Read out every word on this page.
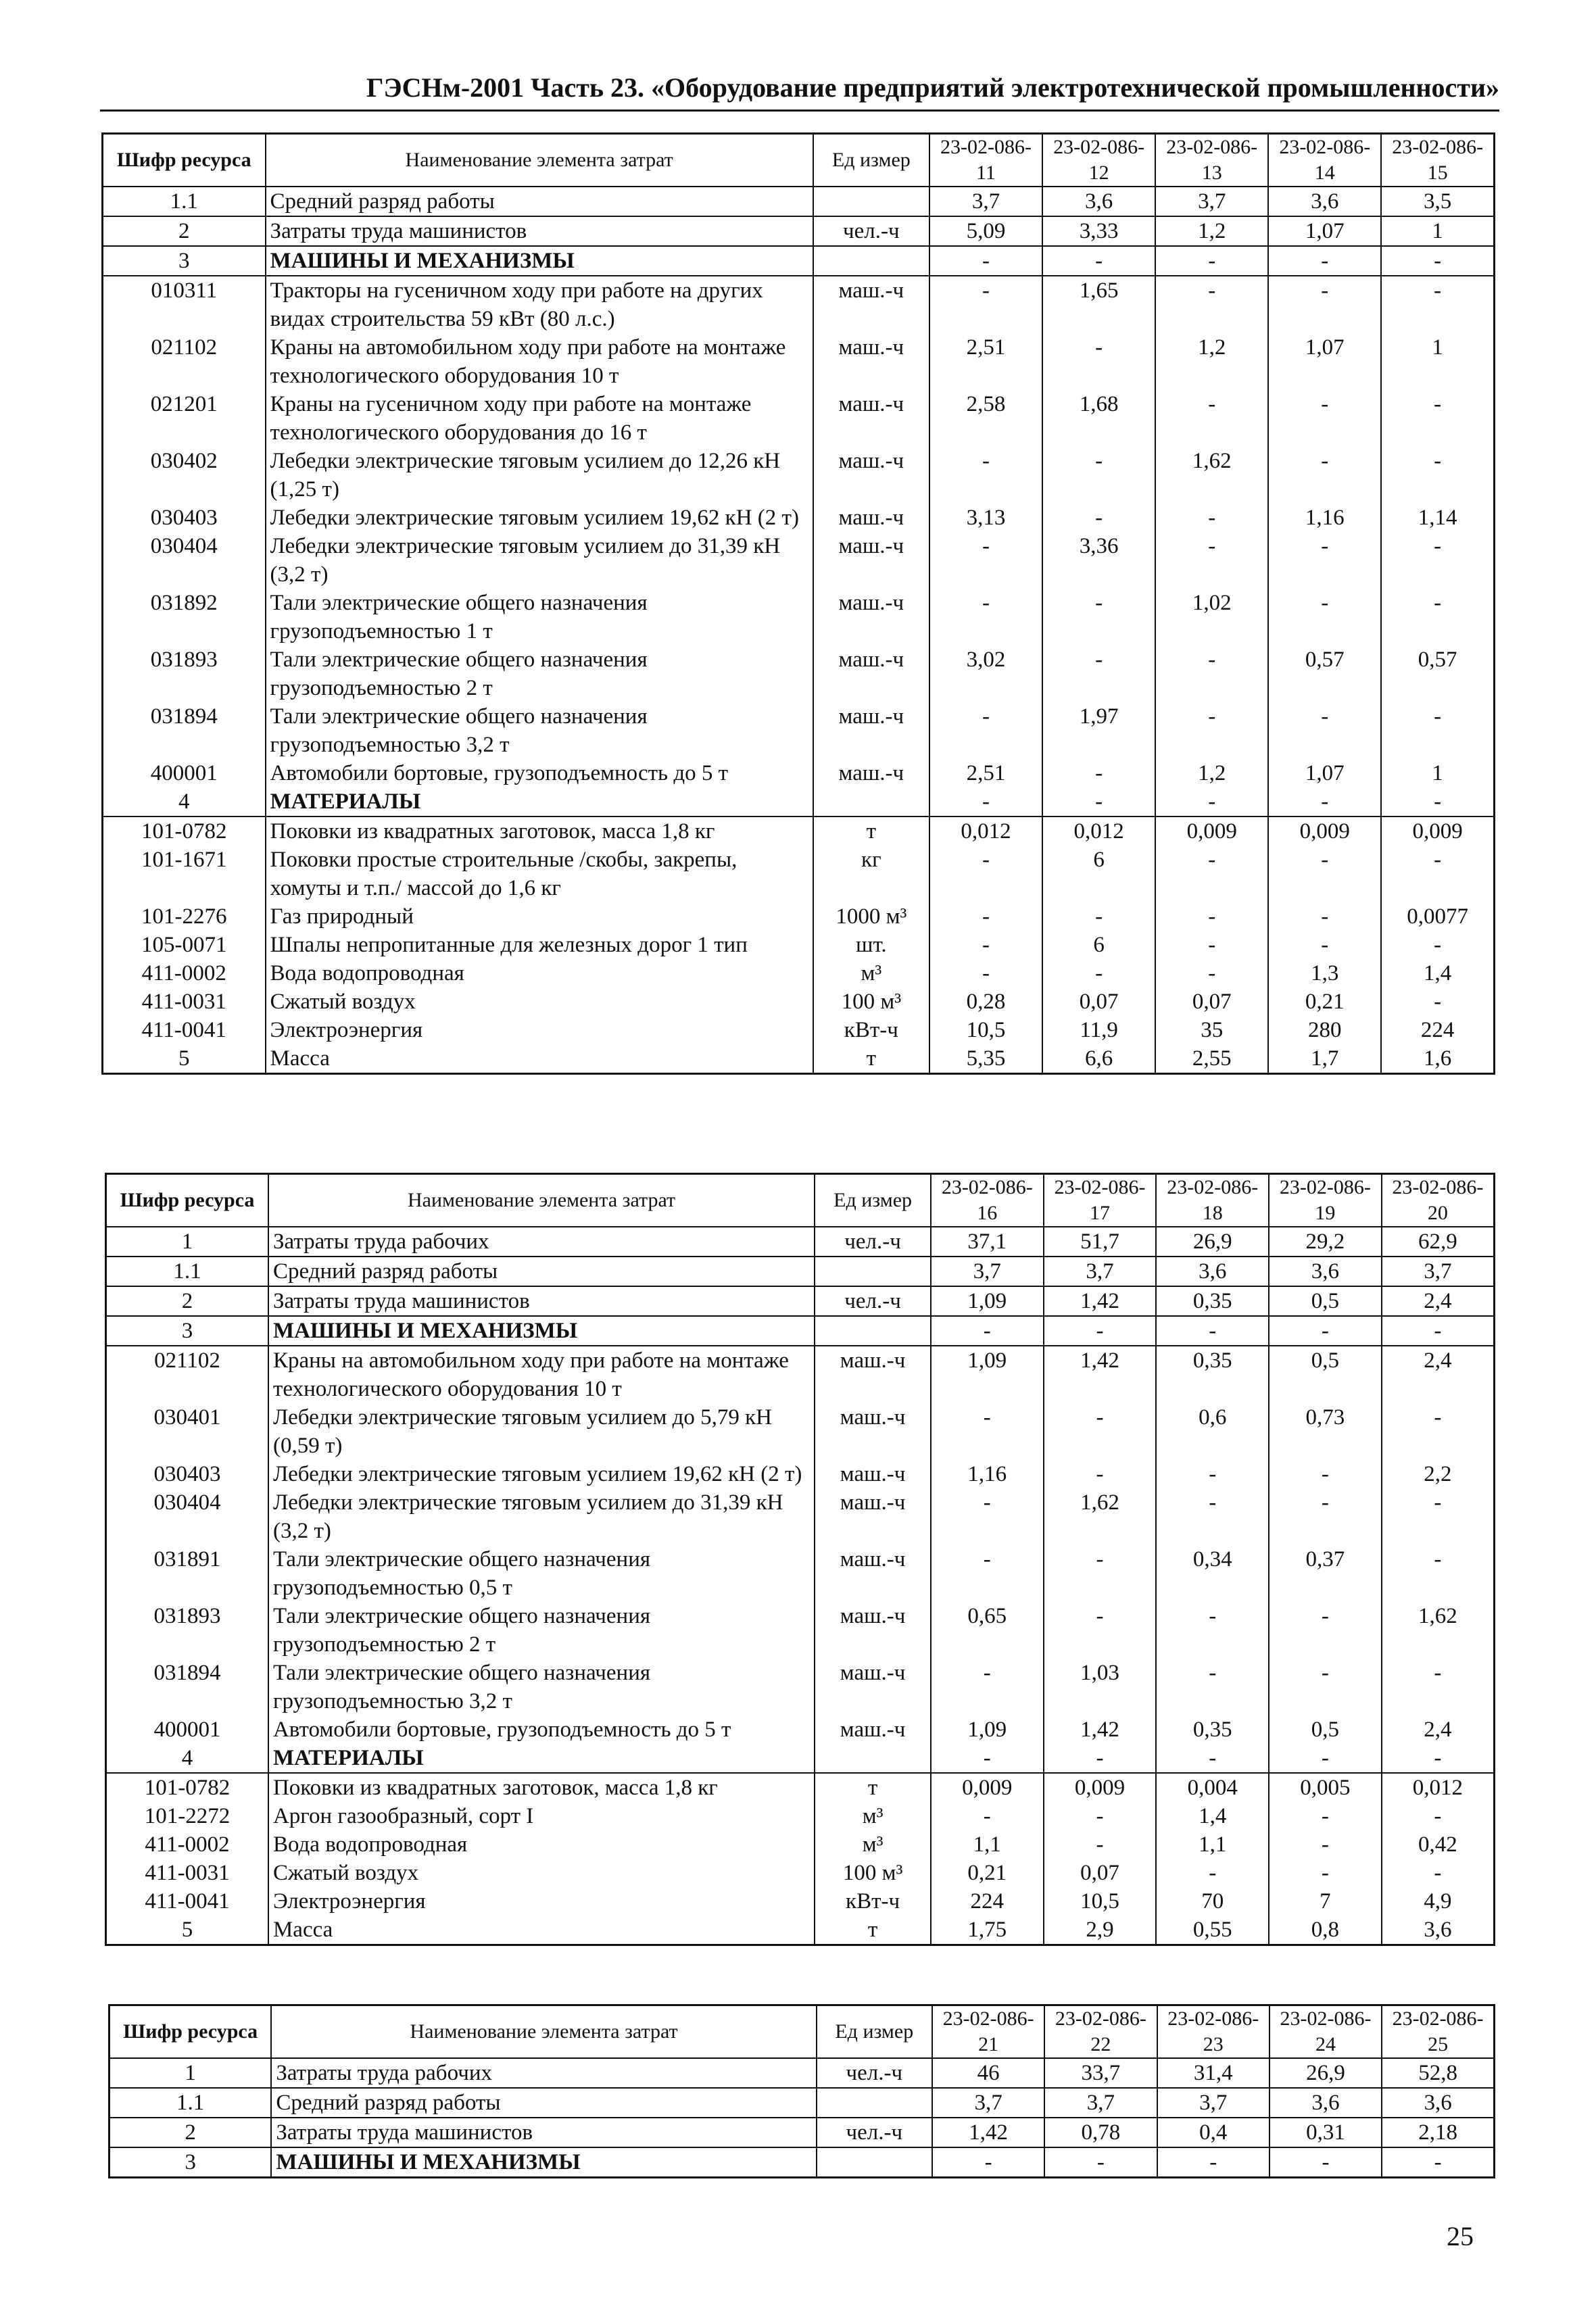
ГЭСНм-2001 Часть 23. «Оборудование предприятий электротехнической промышленности»
Шифр ресурса	Наименование элемента затрат	Ед измер	23-02-086-11	23-02-086-12	23-02-086-13	23-02-086-14	23-02-086-15
1.1	Средний разряд работы		3,7	3,6	3,7	3,6	3,5
2	Затраты труда машинистов	чел.-ч	5,09	3,33	1,2	1,07	1
3	МАШИНЫ И МЕХАНИЗМЫ		-	-	-	-	-
010311	Тракторы на гусеничном ходу при работе на других видах строительства 59 кВт (80 л.с.)	маш.-ч	-	1,65	-	-	-
021102	Краны на автомобильном ходу при работе на монтаже технологического оборудования 10 т	маш.-ч	2,51	-	1,2	1,07	1
021201	Краны на гусеничном ходу при работе на монтаже технологического оборудования до 16 т	маш.-ч	2,58	1,68	-	-	-
030402	Лебедки электрические тяговым усилием до 12,26 кН (1,25 т)	маш.-ч	-	-	1,62	-	-
030403	Лебедки электрические тяговым усилием 19,62 кН (2 т)	маш.-ч	3,13	-	-	1,16	1,14
030404	Лебедки электрические тяговым усилием до 31,39 кН (3,2 т)	маш.-ч	-	3,36	-	-	-
031892	Тали электрические общего назначения грузоподъемностью 1 т	маш.-ч	-	-	1,02	-	-
031893	Тали электрические общего назначения грузоподъемностью 2 т	маш.-ч	3,02	-	-	0,57	0,57
031894	Тали электрические общего назначения грузоподъемностью 3,2 т	маш.-ч	-	1,97	-	-	-
400001	Автомобили бортовые, грузоподъемность до 5 т	маш.-ч	2,51	-	1,2	1,07	1
4	МАТЕРИАЛЫ		-	-	-	-	-
101-0782	Поковки из квадратных заготовок, масса 1,8 кг	т	0,012	0,012	0,009	0,009	0,009
101-1671	Поковки простые строительные /скобы, закрепы, хомуты и т.п./ массой до 1,6 кг	кг	-	6	-	-	-
101-2276	Газ природный	1000 м³	-	-	-	-	0,0077
105-0071	Шпалы непропитанные для железных дорог 1 тип	шт.	-	6	-	-	-
411-0002	Вода водопроводная	м³	-	-	-	1,3	1,4
411-0031	Сжатый воздух	100 м³	0,28	0,07	0,07	0,21	-
411-0041	Электроэнергия	кВт-ч	10,5	11,9	35	280	224
5	Масса	т	5,35	6,6	2,55	1,7	1,6
Шифр ресурса	Наименование элемента затрат	Ед измер	23-02-086-16	23-02-086-17	23-02-086-18	23-02-086-19	23-02-086-20
1	Затраты труда рабочих	чел.-ч	37,1	51,7	26,9	29,2	62,9
1.1	Средний разряд работы		3,7	3,7	3,6	3,6	3,7
2	Затраты труда машинистов	чел.-ч	1,09	1,42	0,35	0,5	2,4
3	МАШИНЫ И МЕХАНИЗМЫ		-	-	-	-	-
021102	Краны на автомобильном ходу при работе на монтаже технологического оборудования 10 т	маш.-ч	1,09	1,42	0,35	0,5	2,4
030401	Лебедки электрические тяговым усилием до 5,79 кН (0,59 т)	маш.-ч	-	-	0,6	0,73	-
030403	Лебедки электрические тяговым усилием 19,62 кН (2 т)	маш.-ч	1,16	-	-	-	2,2
030404	Лебедки электрические тяговым усилием до 31,39 кН (3,2 т)	маш.-ч	-	1,62	-	-	-
031891	Тали электрические общего назначения грузоподъемностью 0,5 т	маш.-ч	-	-	0,34	0,37	-
031893	Тали электрические общего назначения грузоподъемностью 2 т	маш.-ч	0,65	-	-	-	1,62
031894	Тали электрические общего назначения грузоподъемностью 3,2 т	маш.-ч	-	1,03	-	-	-
400001	Автомобили бортовые, грузоподъемность до 5 т	маш.-ч	1,09	1,42	0,35	0,5	2,4
4	МАТЕРИАЛЫ		-	-	-	-	-
101-0782	Поковки из квадратных заготовок, масса 1,8 кг	т	0,009	0,009	0,004	0,005	0,012
101-2272	Аргон газообразный, сорт I	м³	-	-	1,4	-	-
411-0002	Вода водопроводная	м³	1,1	-	1,1	-	0,42
411-0031	Сжатый воздух	100 м³	0,21	0,07	-	-	-
411-0041	Электроэнергия	кВт-ч	224	10,5	70	7	4,9
5	Масса	т	1,75	2,9	0,55	0,8	3,6
Шифр ресурса	Наименование элемента затрат	Ед измер	23-02-086-21	23-02-086-22	23-02-086-23	23-02-086-24	23-02-086-25
1	Затраты труда рабочих	чел.-ч	46	33,7	31,4	26,9	52,8
1.1	Средний разряд работы		3,7	3,7	3,7	3,6	3,6
2	Затраты труда машинистов	чел.-ч	1,42	0,78	0,4	0,31	2,18
3	МАШИНЫ И МЕХАНИЗМЫ		-	-	-	-	-
25
